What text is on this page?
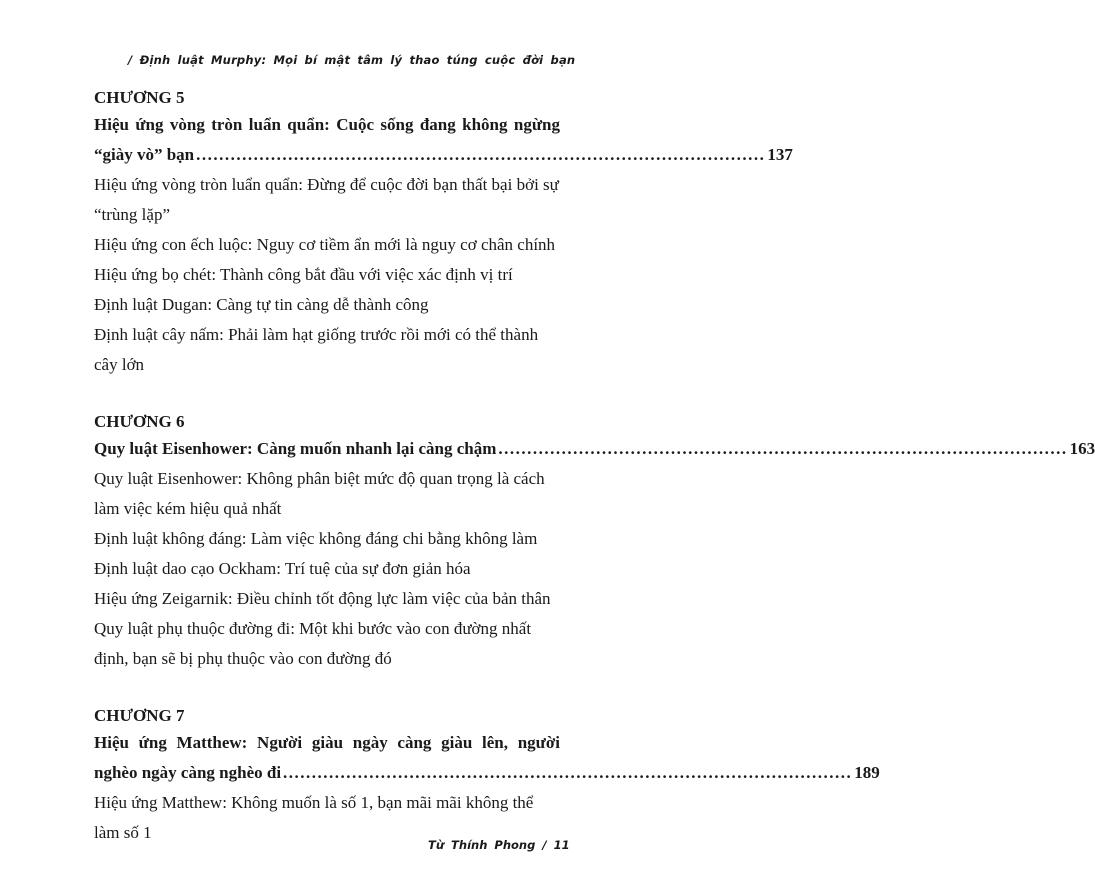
/ Định luật Murphy: Mọi bí mật tâm lý thao túng cuộc đời bạn
CHƯƠNG 5
Hiệu ứng vòng tròn luẩn quẩn: Cuộc sống đang không ngừng
“giày vò” bạn ................................................................................................... 137
Hiệu ứng vòng tròn luẩn quẩn: Đừng để cuộc đời bạn thất bại bởi sự “trùng lặp”
Hiệu ứng con ếch luộc: Nguy cơ tiềm ẩn mới là nguy cơ chân chính
Hiệu ứng bọ chét: Thành công bắt đầu với việc xác định vị trí
Định luật Dugan: Càng tự tin càng dễ thành công
Định luật cây nấm: Phải làm hạt giống trước rồi mới có thể thành cây lớn
CHƯƠNG 6
Quy luật Eisenhower: Càng muốn nhanh lại càng chậm ................................................................................................... 163
Quy luật Eisenhower: Không phân biệt mức độ quan trọng là cách làm việc kém hiệu quả nhất
Định luật không đáng: Làm việc không đáng chi bằng không làm
Định luật dao cạo Ockham: Trí tuệ của sự đơn giản hóa
Hiệu ứng Zeigarnik: Điều chỉnh tốt động lực làm việc của bản thân
Quy luật phụ thuộc đường đi: Một khi bước vào con đường nhất định, bạn sẽ bị phụ thuộc vào con đường đó
CHƯƠNG 7
Hiệu ứng Matthew: Người giàu ngày càng giàu lên, người
nghèo ngày càng nghèo đi ................................................................................................... 189
Hiệu ứng Matthew: Không muốn là số 1, bạn mãi mãi không thể làm số 1
Từ Thính Phong / 11
